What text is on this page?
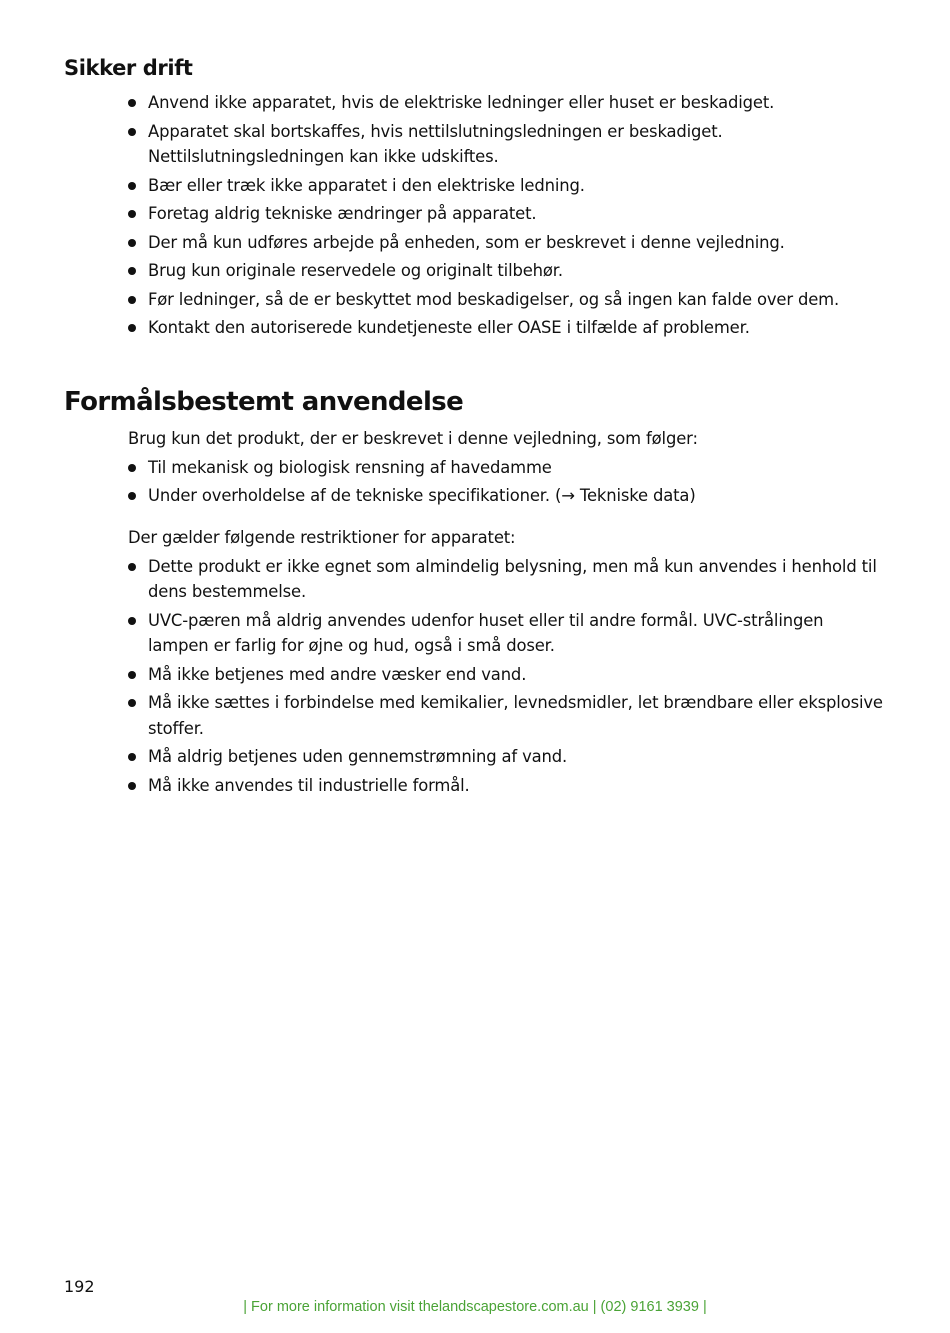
Sikker drift
Anvend ikke apparatet, hvis de elektriske ledninger eller huset er beskadiget.
Apparatet skal bortskaffes, hvis nettilslutningsledningen er beskadiget. Nettilslutningsledningen kan ikke udskiftes.
Bær eller træk ikke apparatet i den elektriske ledning.
Foretag aldrig tekniske ændringer på apparatet.
Der må kun udføres arbejde på enheden, som er beskrevet i denne vejledning.
Brug kun originale reservedele og originalt tilbehør.
Før ledninger, så de er beskyttet mod beskadigelser, og så ingen kan falde over dem.
Kontakt den autoriserede kundetjeneste eller OASE i tilfælde af problemer.
Formålsbestemt anvendelse

Brug kun det produkt, der er beskrevet i denne vejledning, som følger:

Til mekanisk og biologisk rensning af havedamme
Under overholdelse af de tekniske specifikationer. (→ Tekniske data)

Der gælder følgende restriktioner for apparatet:

Dette produkt er ikke egnet som almindelig belysning, men må kun anvendes i henhold til dens bestemmelse.
UVC-pæren må aldrig anvendes udenfor huset eller til andre formål. UVC-strålingen lampen er farlig for øjne og hud, også i små doser.
Må ikke betjenes med andre væsker end vand.
Må ikke sættes i forbindelse med kemikalier, levnedsmidler, let brændbare eller eksplosive stoffer.
Må aldrig betjenes uden gennemstrømning af vand.
Må ikke anvendes til industrielle formål.
192
| For more information visit thelandscapestore.com.au | (02) 9161 3939 |
